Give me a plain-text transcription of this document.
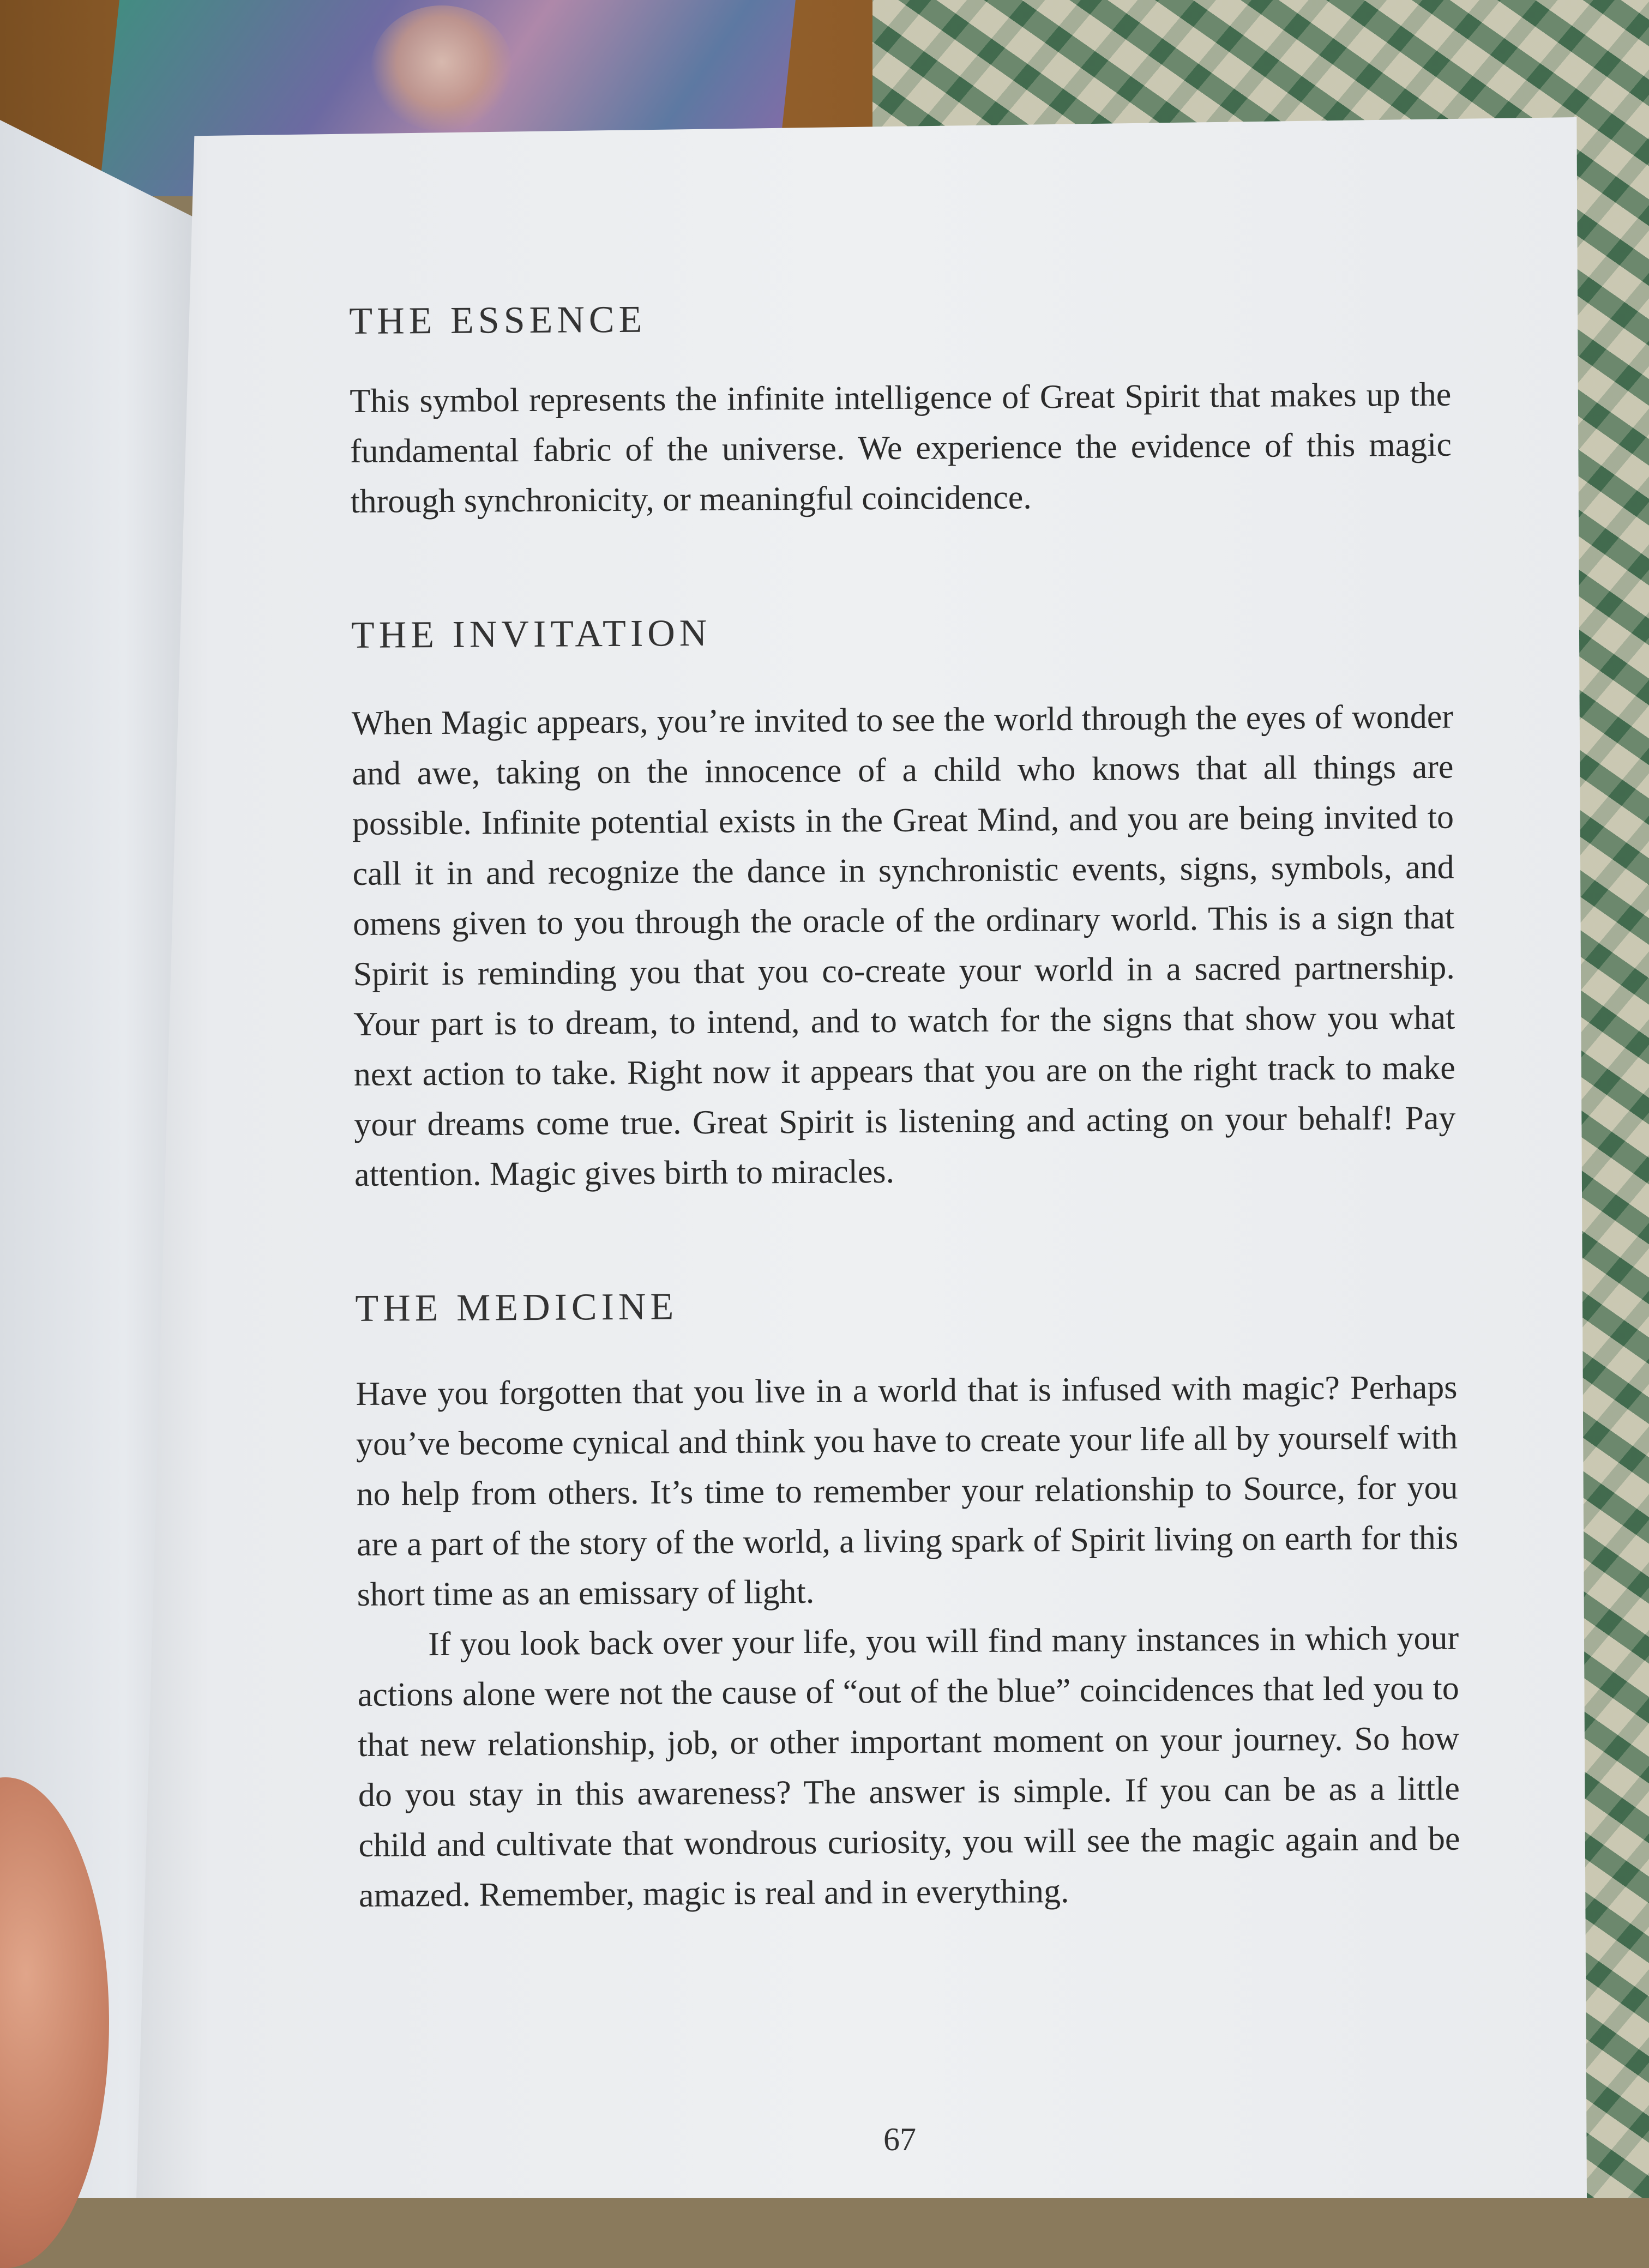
THE ESSENCE

This symbol represents the infinite intelligence of Great Spirit that makes up the fundamental fabric of the universe. We experience the evidence of this magic through synchronicity, or meaningful coincidence.

THE INVITATION

When Magic appears, you’re invited to see the world through the eyes of wonder and awe, taking on the innocence of a child who knows that all things are possible. Infinite potential exists in the Great Mind, and you are being invited to call it in and recognize the dance in synchronistic events, signs, symbols, and omens given to you through the oracle of the ordinary world. This is a sign that Spirit is reminding you that you co-create your world in a sacred partnership. Your part is to dream, to intend, and to watch for the signs that show you what next action to take. Right now it appears that you are on the right track to make your dreams come true. Great Spirit is listening and acting on your behalf! Pay attention. Magic gives birth to miracles.

THE MEDICINE

Have you forgotten that you live in a world that is infused with magic? Perhaps you’ve become cynical and think you have to create your life all by yourself with no help from others. It’s time to remember your relationship to Source, for you are a part of the story of the world, a living spark of Spirit living on earth for this short time as an emissary of light.

If you look back over your life, you will find many instances in which your actions alone were not the cause of “out of the blue” coincidences that led you to that new relationship, job, or other important moment on your journey. So how do you stay in this awareness? The answer is simple. If you can be as a little child and cultivate that wondrous curiosity, you will see the magic again and be amazed. Remember, magic is real and in everything.

67
